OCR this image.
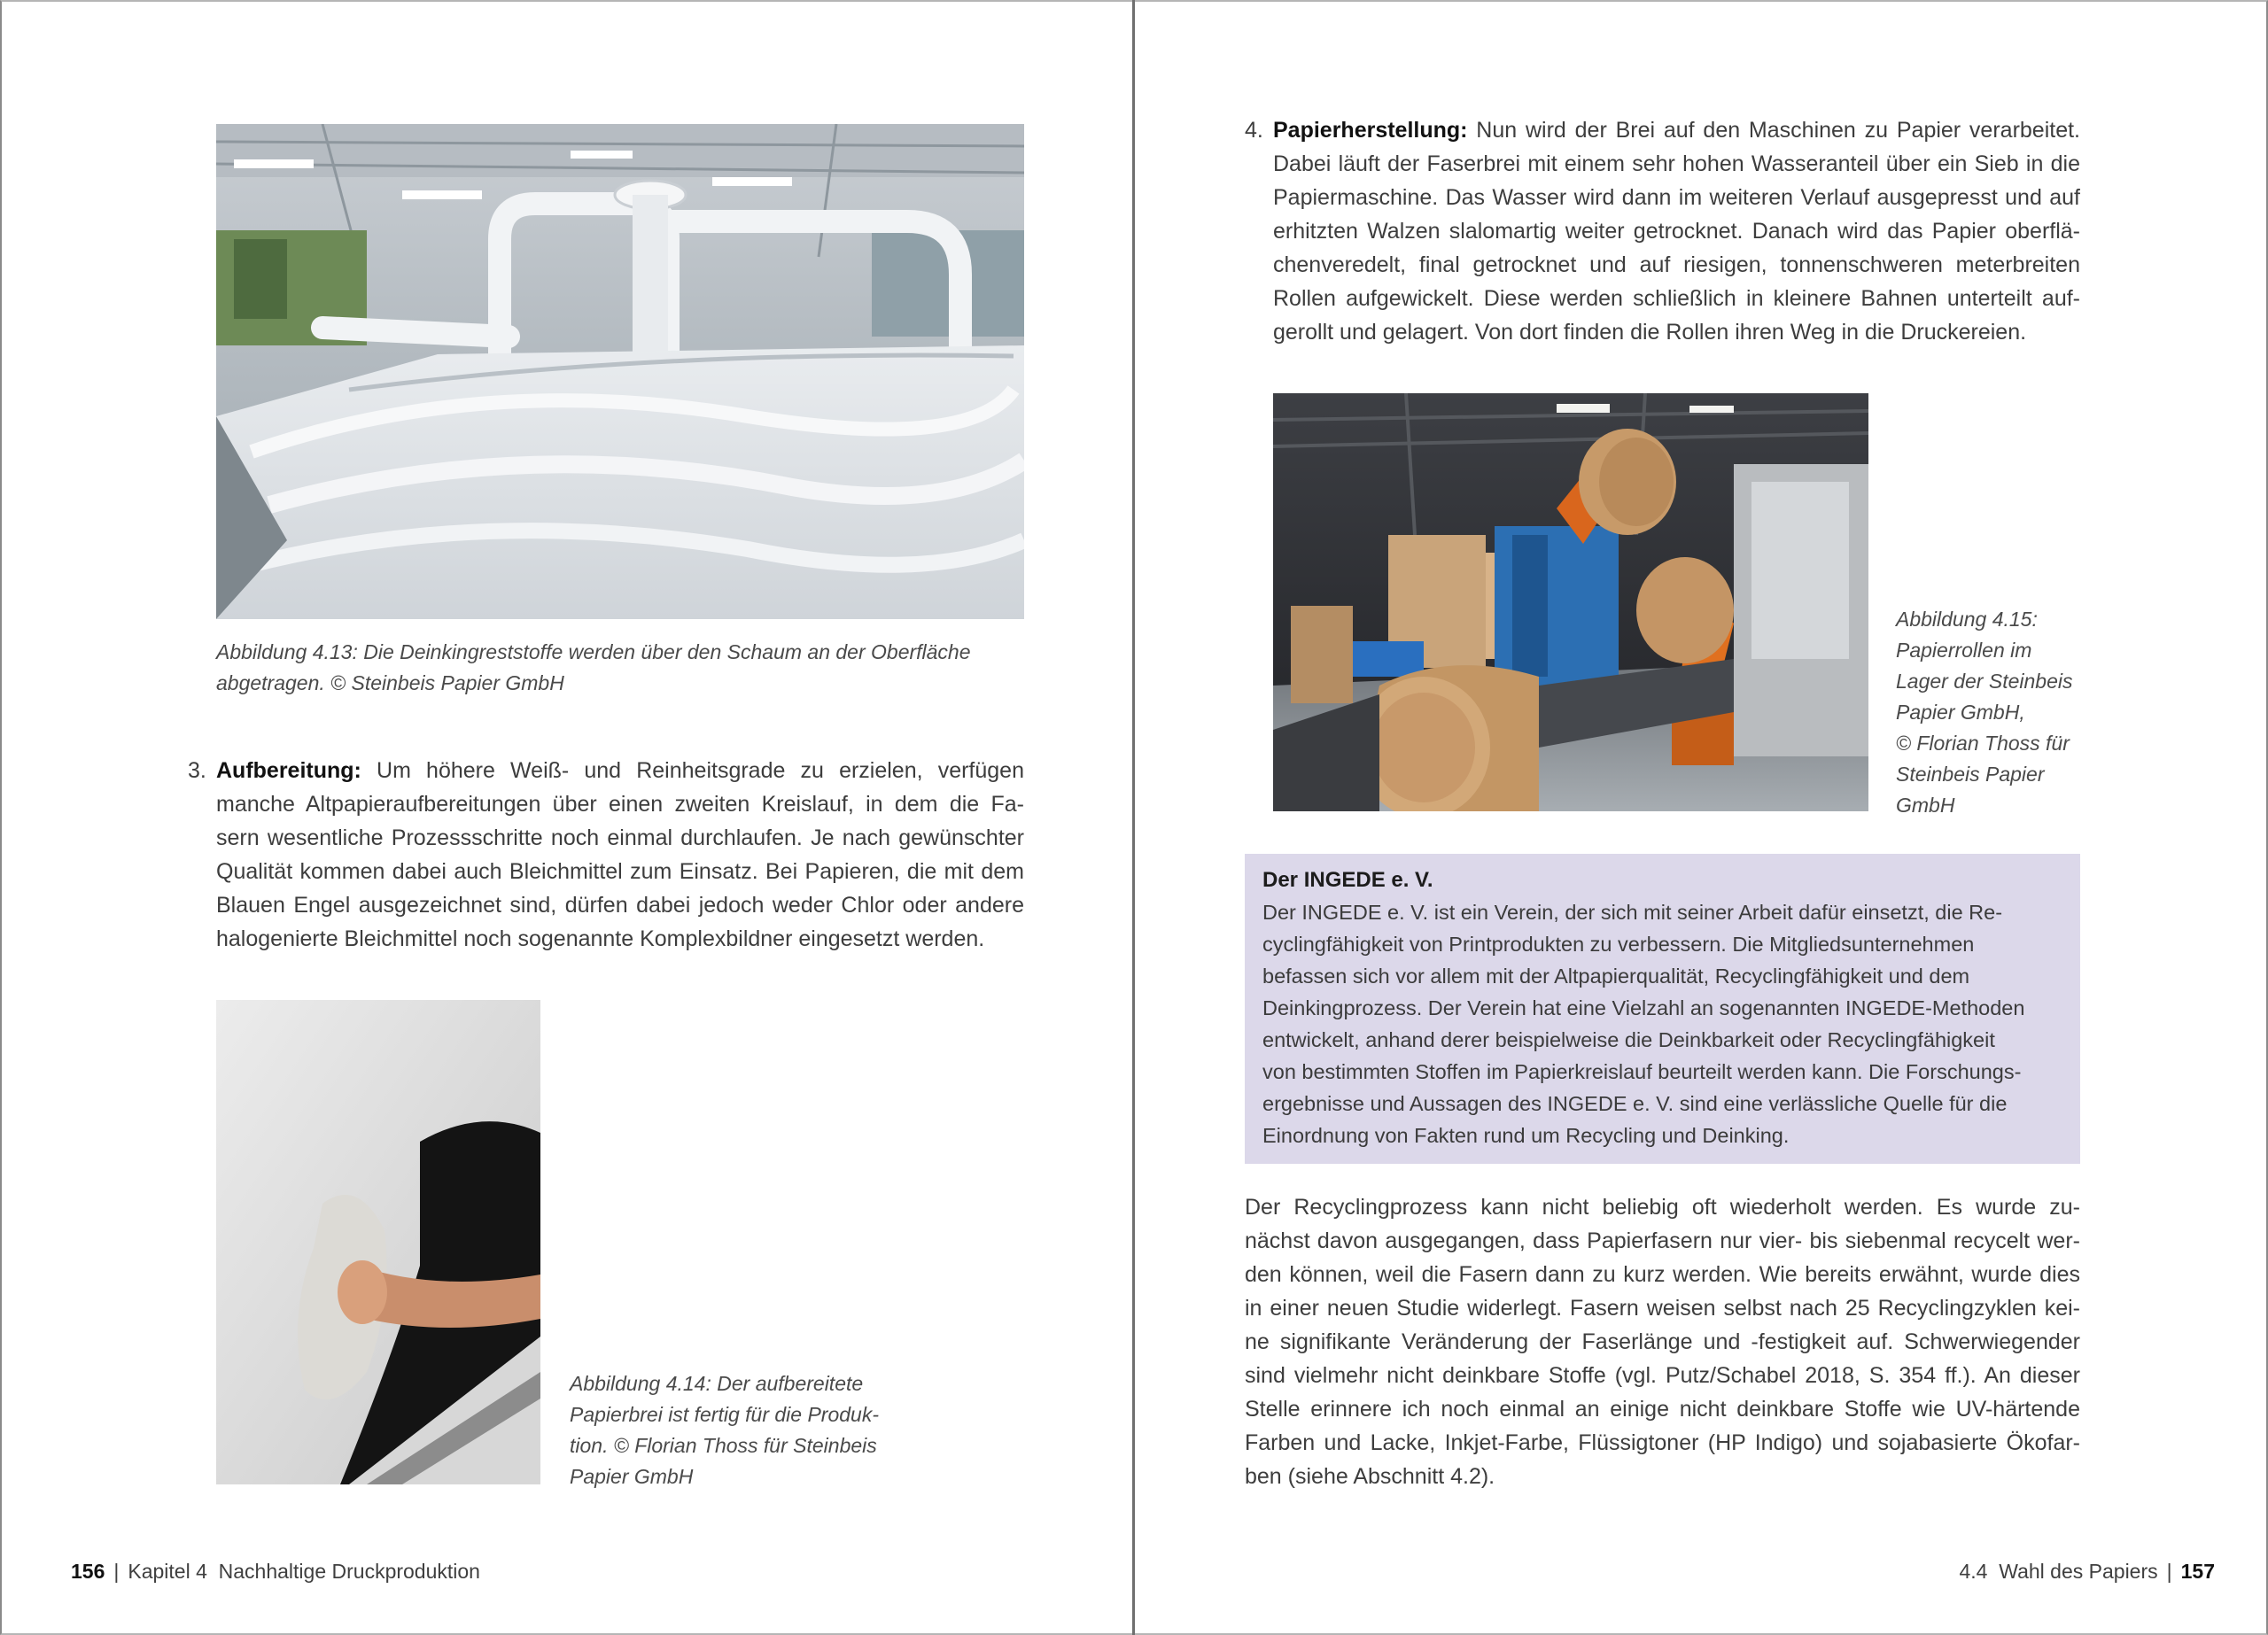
Abbildung 4.13: Die Deinkingreststoffe werden über den Schaum an der Oberfläche
abgetragen. © Steinbeis Papier GmbH
3. Aufbereitung: Um höhere Weiß- und Reinheitsgrade zu erzielen, verfügen
manche Altpapieraufbereitungen über einen zweiten Kreislauf, in dem die Fa-
sern wesentliche Prozessschritte noch einmal durchlaufen. Je nach gewünschter
Qualität kommen dabei auch Bleichmittel zum Einsatz. Bei Papieren, die mit dem
Blauen Engel ausgezeichnet sind, dürfen dabei jedoch weder Chlor oder andere
halogenierte Bleichmittel noch sogenannte Komplexbildner eingesetzt werden.
Abbildung 4.14: Der aufbereitete
Papierbrei ist fertig für die Produk-
tion. © Florian Thoss für Steinbeis
Papier GmbH
156 | Kapitel 4  Nachhaltige Druckproduktion
4. Papierherstellung: Nun wird der Brei auf den Maschinen zu Papier verarbeitet.
Dabei läuft der Faserbrei mit einem sehr hohen Wasseranteil über ein Sieb in die
Papiermaschine. Das Wasser wird dann im weiteren Verlauf ausgepresst und auf
erhitzten Walzen slalomartig weiter getrocknet. Danach wird das Papier oberflä-
chenveredelt, final getrocknet und auf riesigen, tonnenschweren meterbreiten
Rollen aufgewickelt. Diese werden schließlich in kleinere Bahnen unterteilt auf-
gerollt und gelagert. Von dort finden die Rollen ihren Weg in die Druckereien.
Abbildung 4.15:
Papierrollen im
Lager der Steinbeis
Papier GmbH,
© Florian Thoss für
Steinbeis Papier
GmbH
Der INGEDE e. V.
Der INGEDE e. V. ist ein Verein, der sich mit seiner Arbeit dafür einsetzt, die Re-
cyclingfähigkeit von Printprodukten zu verbessern. Die Mitgliedsunternehmen
befassen sich vor allem mit der Altpapierqualität, Recyclingfähigkeit und dem
Deinkingprozess. Der Verein hat eine Vielzahl an sogenannten INGEDE-Methoden
entwickelt, anhand derer beispielweise die Deinkbarkeit oder Recyclingfähigkeit
von bestimmten Stoffen im Papierkreislauf beurteilt werden kann. Die Forschungs-
ergebnisse und Aussagen des INGEDE e. V. sind eine verlässliche Quelle für die
Einordnung von Fakten rund um Recycling und Deinking.
Der Recyclingprozess kann nicht beliebig oft wiederholt werden. Es wurde zu-
nächst davon ausgegangen, dass Papierfasern nur vier- bis siebenmal recycelt wer-
den können, weil die Fasern dann zu kurz werden. Wie bereits erwähnt, wurde dies
in einer neuen Studie widerlegt. Fasern weisen selbst nach 25 Recyclingzyklen kei-
ne signifikante Veränderung der Faserlänge und -festigkeit auf. Schwerwiegender
sind vielmehr nicht deinkbare Stoffe (vgl. Putz/Schabel 2018, S. 354 ff.). An dieser
Stelle erinnere ich noch einmal an einige nicht deinkbare Stoffe wie UV-härtende
Farben und Lacke, Inkjet-Farbe, Flüssigtoner (HP Indigo) und sojabasierte Ökofar-
ben (siehe Abschnitt 4.2).
4.4  Wahl des Papiers | 157
